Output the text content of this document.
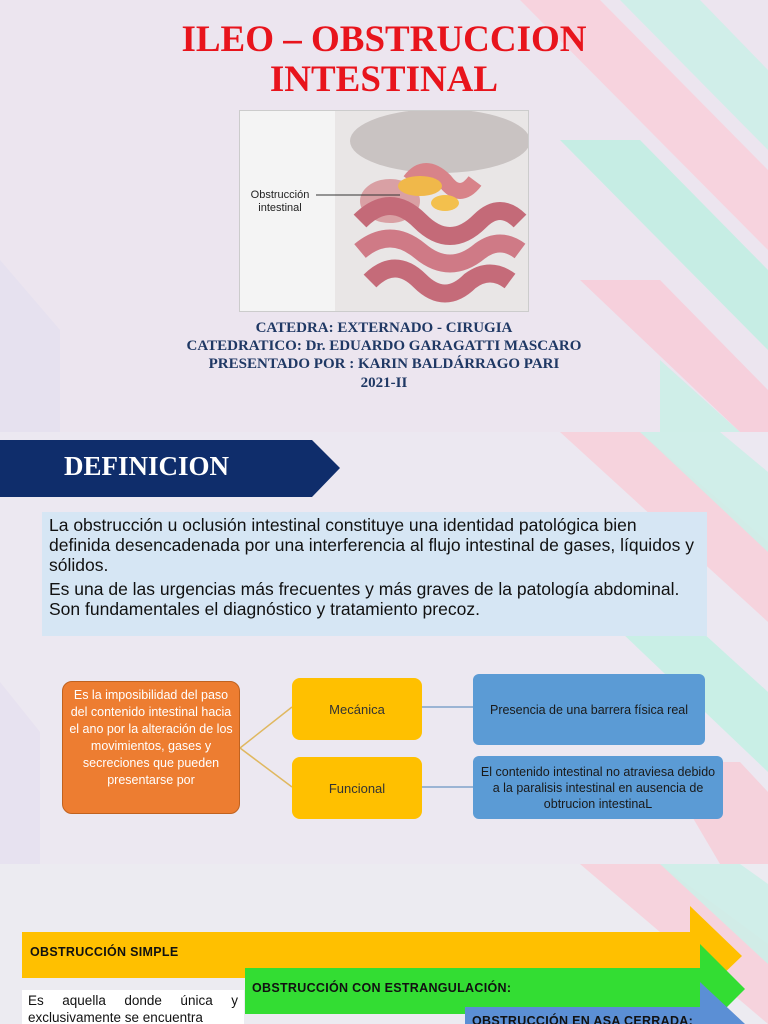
ILEO – OBSTRUCCION
INTESTINAL
Obstrucción
intestinal
CATEDRA: EXTERNADO - CIRUGIA
CATEDRATICO: Dr. EDUARDO GARAGATTI MASCARO
PRESENTADO POR : KARIN BALDÁRRAGO PARI
2021-II
DEFINICION

La obstrucción u oclusión intestinal constituye una identidad patológica bien definida desencadenada por una interferencia al flujo intestinal de gases, líquidos y sólidos.

Es una de las urgencias más frecuentes y más graves de la patología abdominal. Son fundamentales el diagnóstico y tratamiento precoz.

Es la imposibilidad del paso del contenido intestinal hacia el ano por la alteración de los movimientos, gases y secreciones que pueden presentarse por
Mecánica
Funcional
Presencia de una barrera física real
El contenido intestinal no atraviesa debido a la paralisis intestinal en ausencia de obtrucion intestinaL
OBSTRUCCIÓN SIMPLE
OBSTRUCCIÓN CON ESTRANGULACIÓN:
OBSTRUCCIÓN EN ASA CERRADA:
Es aquella donde única y exclusivamente se encuentra
